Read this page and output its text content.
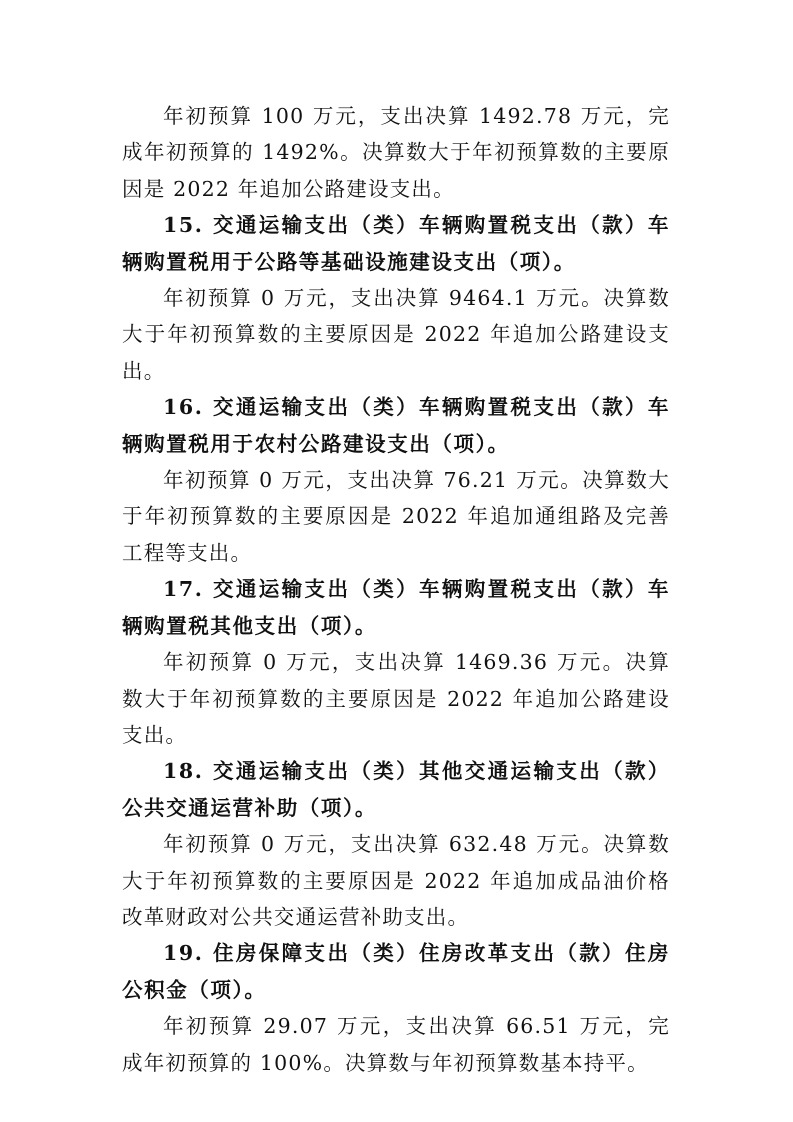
年初预算 100 万元，支出决算 1492.78 万元，完成年初预算的 1492%。决算数大于年初预算数的主要原因是 2022 年追加公路建设支出。

15. 交通运输支出（类）车辆购置税支出（款）车辆购置税用于公路等基础设施建设支出（项）。

年初预算 0 万元，支出决算 9464.1 万元。决算数大于年初预算数的主要原因是 2022 年追加公路建设支出。

16. 交通运输支出（类）车辆购置税支出（款）车辆购置税用于农村公路建设支出（项）。

年初预算 0 万元，支出决算 76.21 万元。决算数大于年初预算数的主要原因是 2022 年追加通组路及完善工程等支出。

17. 交通运输支出（类）车辆购置税支出（款）车辆购置税其他支出（项）。

年初预算 0 万元，支出决算 1469.36 万元。决算数大于年初预算数的主要原因是 2022 年追加公路建设支出。

18. 交通运输支出（类）其他交通运输支出（款）公共交通运营补助（项）。

年初预算 0 万元，支出决算 632.48 万元。决算数大于年初预算数的主要原因是 2022 年追加成品油价格改革财政对公共交通运营补助支出。

19. 住房保障支出（类）住房改革支出（款）住房公积金（项）。

年初预算 29.07 万元，支出决算 66.51 万元，完成年初预算的 100%。决算数与年初预算数基本持平。
